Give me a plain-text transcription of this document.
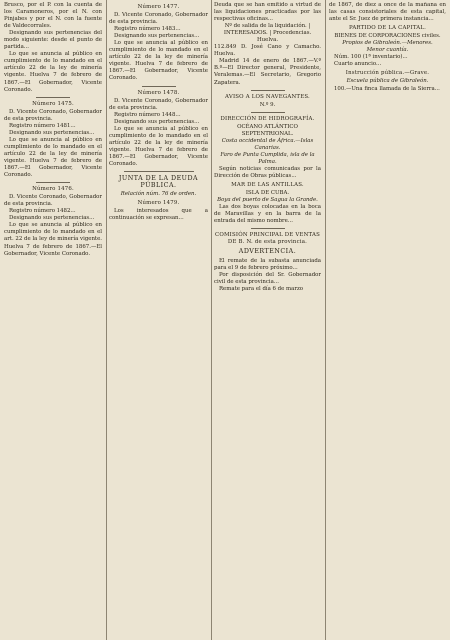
Brusco, por el P. con la cuenta de los Caramoneros, por el N. con Pinjabes y por el N. con la fuente de Valdecorrales.

Designando sus pertenencias del modo siguiente: desde el punto de partida...

Lo que se anuncia al público en cumplimiento de lo mandado en el artículo 22 de la ley de minería vigente. Huelva 7 de febrero de 1867.—El Gobernador, Vicente Coronado.

Número 1475.

D. Vicente Coronado, Gobernador de esta provincia.

Registro número 1481...

Designando sus pertenencias...

Lo que se anuncia al público en cumplimiento de lo mandado en el artículo 22 de la ley de minería vigente. Huelva 7 de febrero de 1867.—El Gobernador, Vicente Coronado.

Número 1476.

D. Vicente Coronado, Gobernador de esta provincia.

Registro número 1482...

Designando sus pertenencias...

Lo que se anuncia al público en cumplimiento de lo mandado en el art. 22 de la ley de minería vigente. Huelva 7 de febrero de 1867.—El Gobernador, Vicente Coronado.

Número 1477.

D. Vicente Coronado, Gobernador de esta provincia.

Registro número 1483...

Designando sus pertenencias...

Lo que se anuncia al público en cumplimiento de lo mandado en el artículo 22 de la ley de minería vigente. Huelva 7 de febrero de 1867.—El Gobernador, Vicente Coronado.

Número 1478.

D. Vicente Coronado, Gobernador de esta provincia.

Registro número 1448...

Designando sus pertenencias...

Lo que se anuncia al público en cumplimiento de lo mandado en el artículo 22 de la ley de minería vigente. Huelva 7 de febrero de 1867.—El Gobernador, Vicente Coronado.

JUNTA DE LA DEUDA PÚBLICA.

Relación núm. 76 de orden.

Número 1479.

Los interesados que a continuación se expresan...

Deuda que se han emitido a virtud de las liquidaciones practicadas por las respectivas oficinas...

Nº de salida de la liquidación. | INTERESADOS. | Procedencias.

Huelva.

112.849 D. José Cano y Camacho. Huelva.

Madrid 14 de enero de 1867.—V.º B.º—El Director general, Presidente, Veralemas.—El Secretario, Gregorio Zapatera.

AVISO A LOS NAVEGANTES.

N.º 9.

DIRECCIÓN DE HIDROGRAFÍA.

OCÉANO ATLÁNTICO SEPTENTRIONAL.

Costa occidental de África.—Islas Canarias.

Faro de Punta Cumplida, isla de la Palma.

Según noticias comunicadas por la Dirección de Obras públicas...

MAR DE LAS ANTILLAS.

ISLA DE CUBA.

Boya del puerto de Sagua la Grande.

Las dos boyas colocadas en la boca de Maravillas y en la barra de la entrada del mismo nombre...

COMISIÓN PRINCIPAL DE VENTAS DE B. N. de esta provincia.

ADVERTENCIA.

El remate de la subasta anunciada para el 9 de febrero próximo...

Por disposición del Sr. Gobernador civil de esta provincia...

Remate para el día 6 de marzo

de 1867, de diez a once de la mañana en las casas consistoriales de esta capital, ante el Sr. Juez de primera instancia...

PARTIDO DE LA CAPITAL.

BIENES DE CORPORACIONES civiles.

Propios de Gibraleón.—Menores.

Menor cuantía.

Núm. 100 (1ª inventario)...

Cuarto anuncio...

Instrucción pública.—Grave.

Escuela pública de Gibraleón.

100.—Una finca llamada de la Sierra...
